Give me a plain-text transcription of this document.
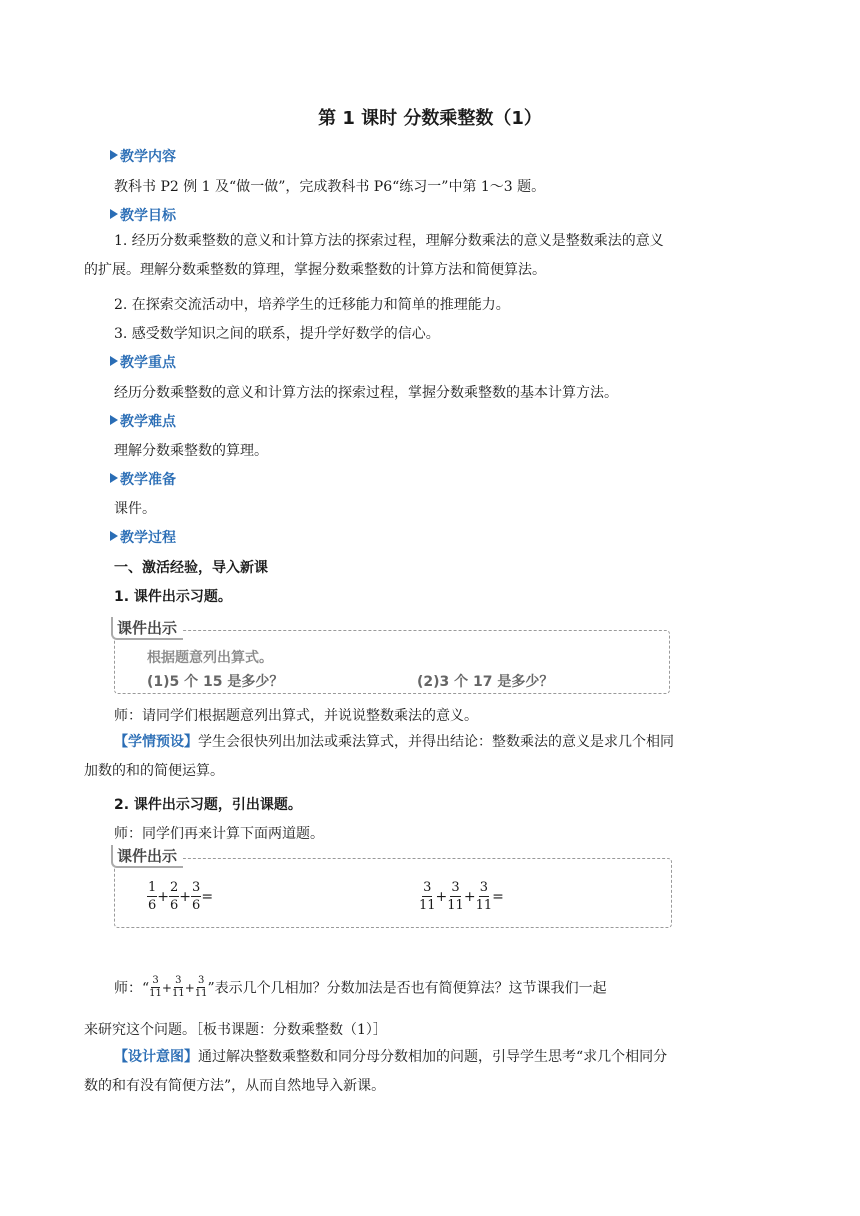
第 1 课时 分数乘整数（1）
教学内容
教科书 P2 例 1 及“做一做”，完成教科书 P6“练习一”中第 1～3 题。
教学目标
1. 经历分数乘整数的意义和计算方法的探索过程，理解分数乘法的意义是整数乘法的意义的扩展。理解分数乘整数的算理，掌握分数乘整数的计算方法和简便算法。
2. 在探索交流活动中，培养学生的迁移能力和简单的推理能力。
3. 感受数学知识之间的联系，提升学好数学的信心。
教学重点
经历分数乘整数的意义和计算方法的探索过程，掌握分数乘整数的基本计算方法。
教学难点
理解分数乘整数的算理。
教学准备
课件。
教学过程
一、激活经验，导入新课
1. 课件出示习题。
课件出示
根据题意列出算式。
(1)5 个 15 是多少？	(2)3 个 17 是多少？
师：请同学们根据题意列出算式，并说说整数乘法的意义。
【学情预设】学生会很快列出加法或乘法算式，并得出结论：整数乘法的意义是求几个相同加数的和的简便运算。
2. 课件出示习题，引出课题。
师：同学们再来计算下面两道题。
课件出示
$\frac{1}{6} + \frac{2}{6} + \frac{3}{6}$ =	$\frac{3}{11} + \frac{3}{11} + \frac{3}{11}$ =
师：“ $\frac{3}{11} + \frac{3}{11} + \frac{3}{11}$ ”表示几个几相加？分数加法是否也有简便算法？这节课我们一起
来研究这个问题。［板书课题：分数乘整数（1）］
【设计意图】通过解决整数乘整数和同分母分数相加的问题，引导学生思考“求几个相同分数的和有没有简便方法”，从而自然地导入新课。
